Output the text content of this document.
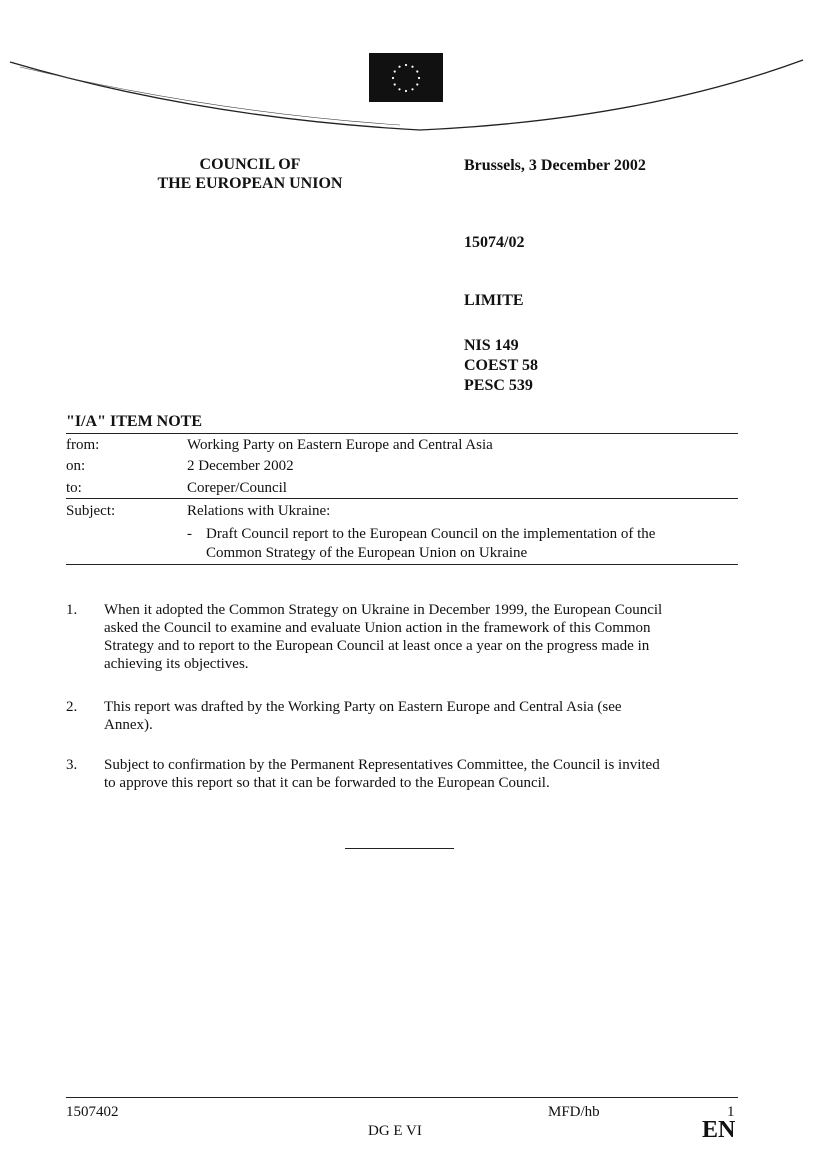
COUNCIL OF
THE EUROPEAN UNION
Brussels, 3 December 2002
15074/02
LIMITE
NIS 149
COEST 58
PESC 539
"I/A" ITEM NOTE
from:	Working Party on Eastern Europe and Central Asia
on:	2 December 2002
to:	Coreper/Council
Subject:	Relations with Ukraine:
- Draft Council report to the European Council on the implementation of the
Common Strategy of the European Union on Ukraine
1. When it adopted the Common Strategy on Ukraine in December 1999, the European Council
asked the Council to examine and evaluate Union action in the framework of this Common
Strategy and to report to the European Council at least once a year on the progress made in
achieving its objectives.
2. This report was drafted by the Working Party on Eastern Europe and Central Asia (see
Annex).
3. Subject to confirmation by the Permanent Representatives Committee, the Council is invited
to approve this report so that it can be forwarded to the European Council.
1507402	MFD/hb	1
DG E VI	EN
